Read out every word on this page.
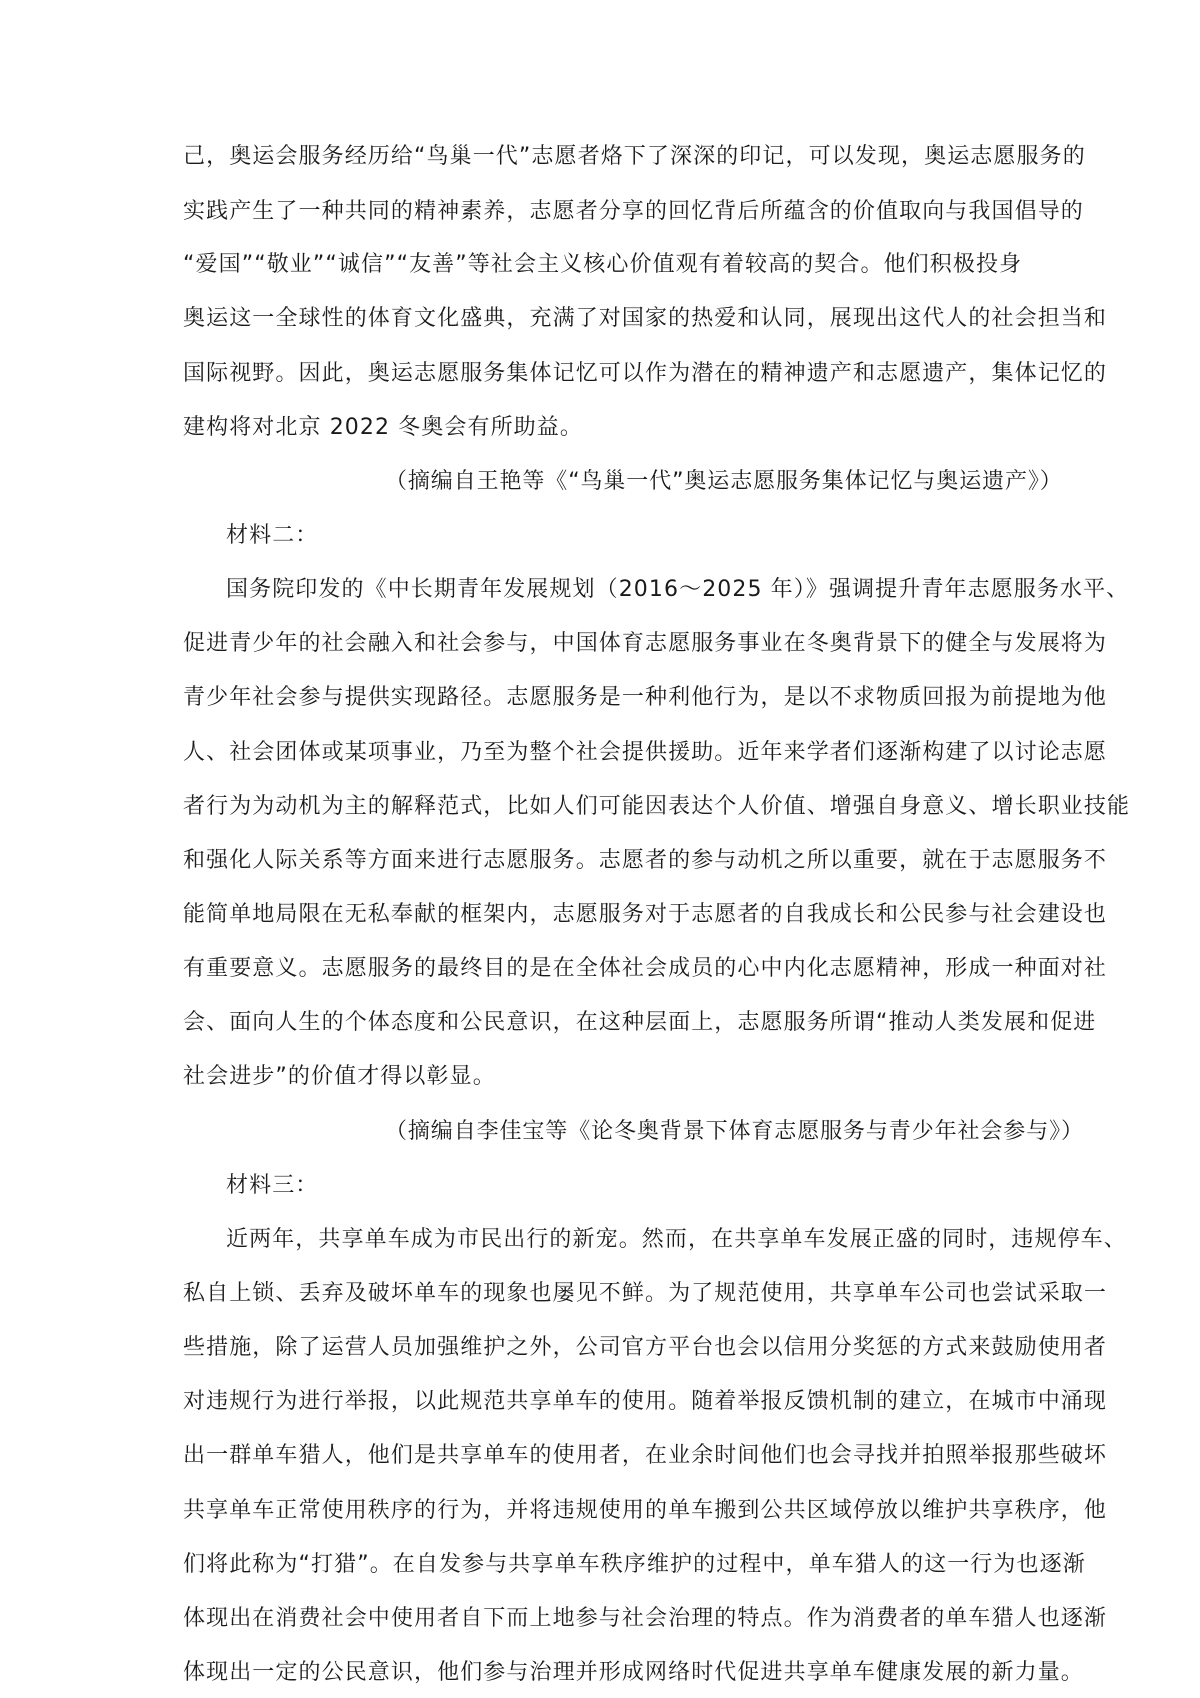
己，奥运会服务经历给“鸟巢一代”志愿者烙下了深深的印记，可以发现，奥运志愿服务的
实践产生了一种共同的精神素养，志愿者分享的回忆背后所蕴含的价值取向与我国倡导的
“爱国”“敬业”“诚信”“友善”等社会主义核心价值观有着较高的契合。他们积极投身
奥运这一全球性的体育文化盛典，充满了对国家的热爱和认同，展现出这代人的社会担当和
国际视野。因此，奥运志愿服务集体记忆可以作为潜在的精神遗产和志愿遗产，集体记忆的
建构将对北京 2022 冬奥会有所助益。
（摘编自王艳等《“鸟巢一代”奥运志愿服务集体记忆与奥运遗产》）
材料二：
国务院印发的《中长期青年发展规划（2016～2025 年）》强调提升青年志愿服务水平、
促进青少年的社会融入和社会参与，中国体育志愿服务事业在冬奥背景下的健全与发展将为
青少年社会参与提供实现路径。志愿服务是一种利他行为，是以不求物质回报为前提地为他
人、社会团体或某项事业，乃至为整个社会提供援助。近年来学者们逐渐构建了以讨论志愿
者行为为动机为主的解释范式，比如人们可能因表达个人价值、增强自身意义、增长职业技能
和强化人际关系等方面来进行志愿服务。志愿者的参与动机之所以重要，就在于志愿服务不
能简单地局限在无私奉献的框架内，志愿服务对于志愿者的自我成长和公民参与社会建设也
有重要意义。志愿服务的最终目的是在全体社会成员的心中内化志愿精神，形成一种面对社
会、面向人生的个体态度和公民意识，在这种层面上，志愿服务所谓“推动人类发展和促进
社会进步”的价值才得以彰显。
（摘编自李佳宝等《论冬奥背景下体育志愿服务与青少年社会参与》）
材料三：
近两年，共享单车成为市民出行的新宠。然而，在共享单车发展正盛的同时，违规停车、
私自上锁、丢弃及破坏单车的现象也屡见不鲜。为了规范使用，共享单车公司也尝试采取一
些措施，除了运营人员加强维护之外，公司官方平台也会以信用分奖惩的方式来鼓励使用者
对违规行为进行举报，以此规范共享单车的使用。随着举报反馈机制的建立，在城市中涌现
出一群单车猎人，他们是共享单车的使用者，在业余时间他们也会寻找并拍照举报那些破坏
共享单车正常使用秩序的行为，并将违规使用的单车搬到公共区域停放以维护共享秩序，他
们将此称为“打猎”。在自发参与共享单车秩序维护的过程中，单车猎人的这一行为也逐渐
体现出在消费社会中使用者自下而上地参与社会治理的特点。作为消费者的单车猎人也逐渐
体现出一定的公民意识，他们参与治理并形成网络时代促进共享单车健康发展的新力量。
